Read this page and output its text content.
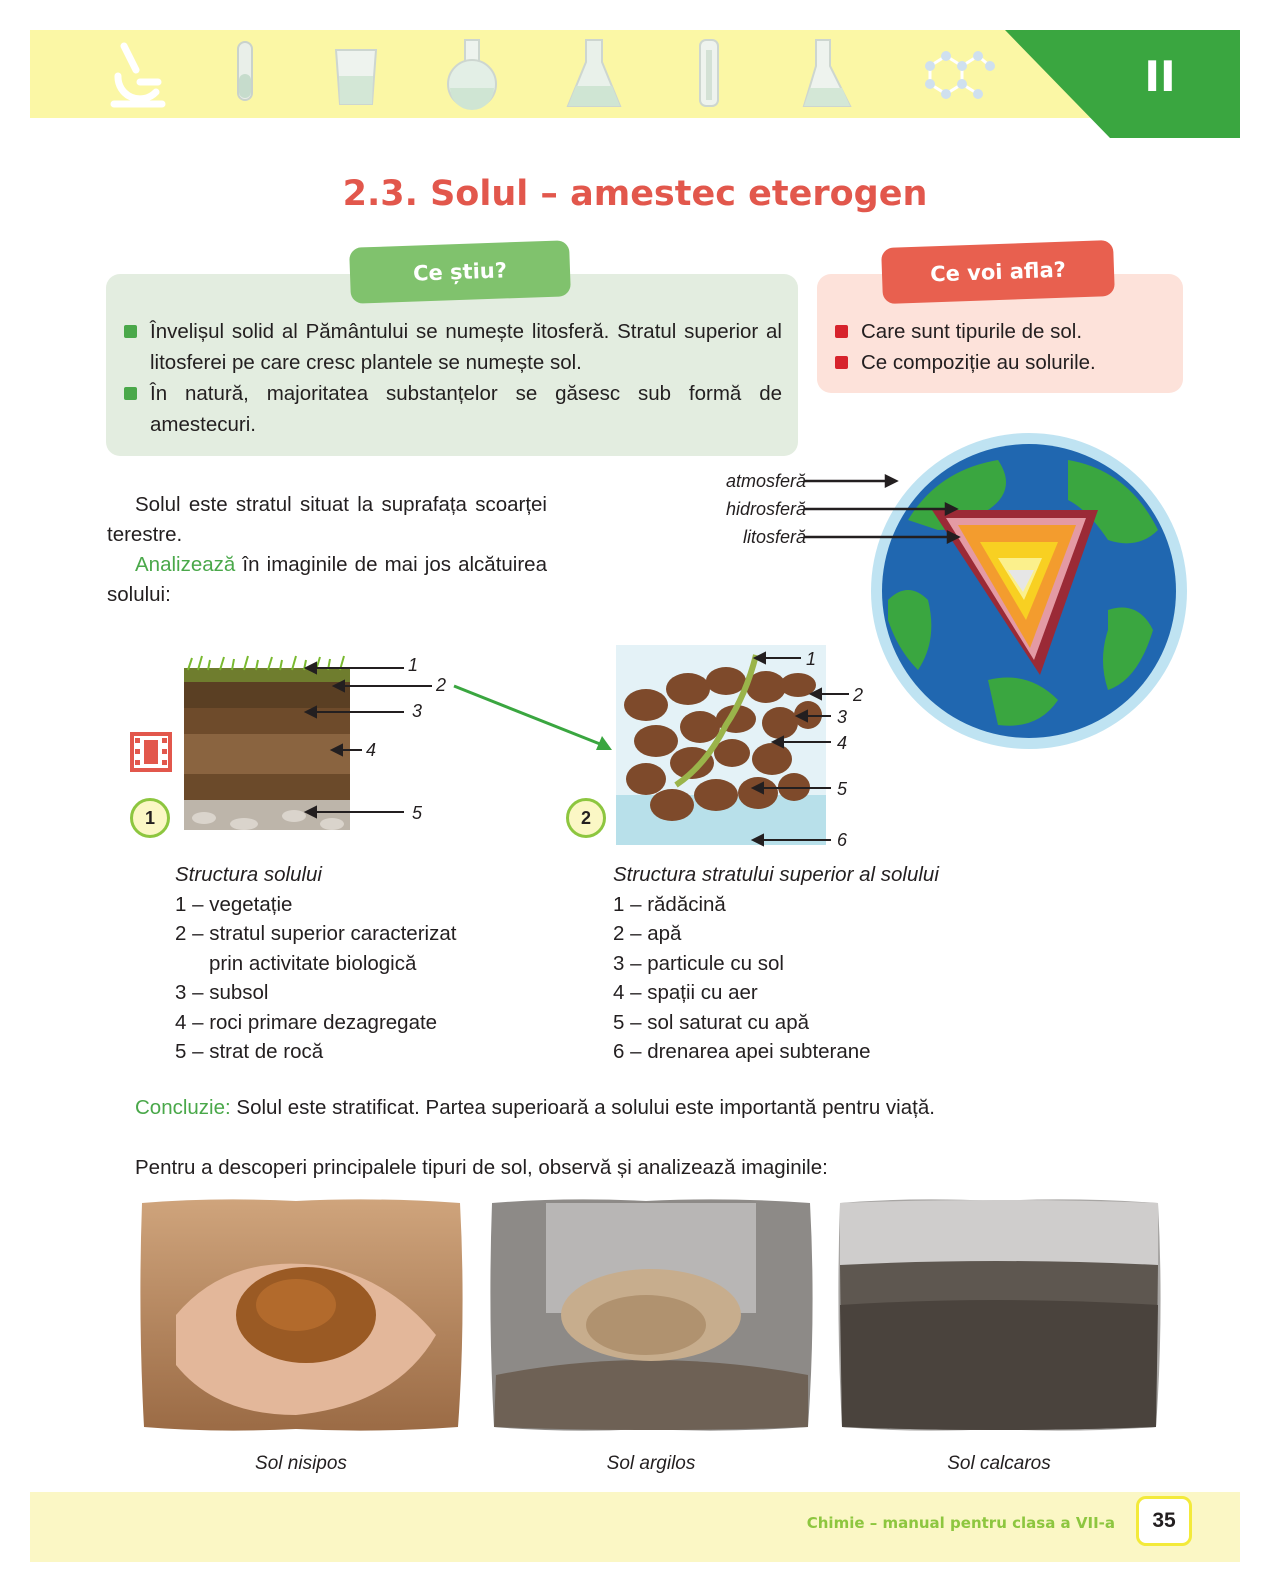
II
2.3. Solul – amestec eterogen
Ce știu?
Învelișul solid al Pământului se numește litosferă. Stratul superior al litosferei pe care cresc plantele se numește sol.
În natură, majoritatea substanțelor se găsesc sub formă de amestecuri.
Ce voi afla?
Care sunt tipurile de sol.
Ce compoziție au solurile.

Solul este stratul situat la suprafața scoarței terestre.

Analizează în imaginile de mai jos alcătuirea solului:

atmosferă
hidrosferă
litosferă
1
1
2
3
4
5	2
1
2
3
4
5
6
Structura solului
1 – vegetație
2 – stratul superior caracterizat
prin activitate biologică
3 – subsol
4 – roci primare dezagregate
5 – strat de rocă
Structura stratului superior al solului
1 – rădăcină
2 – apă
3 – particule cu sol
4 – spații cu aer
5 – sol saturat cu apă
6 – drenarea apei subterane
Concluzie: Solul este stratificat. Partea superioară a solului este importantă pentru viață.
Pentru a descoperi principalele tipuri de sol, observă și analizează imaginile:
Sol nisipos	Sol argilos	Sol calcaros
Chimie – manual pentru clasa a VII-a	35
